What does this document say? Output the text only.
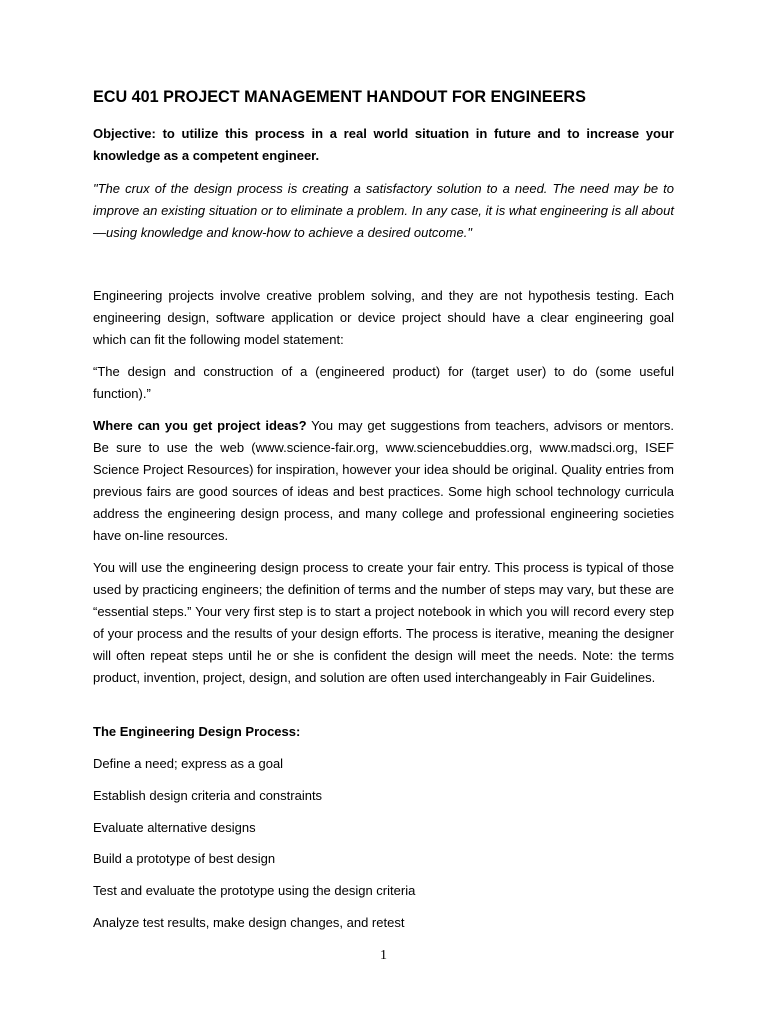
ECU 401 PROJECT MANAGEMENT HANDOUT FOR ENGINEERS

Objective: to utilize this process in a real world situation in future and to increase your knowledge as a competent engineer.

"The crux of the design process is creating a satisfactory solution to a need. The need may be to improve an existing situation or to eliminate a problem. In any case, it is what engineering is all about—using knowledge and know-how to achieve a desired outcome."

Engineering projects involve creative problem solving, and they are not hypothesis testing. Each engineering design, software application or device project should have a clear engineering goal which can fit the following model statement:

“The design and construction of a (engineered product) for (target user) to do (some useful function).”

Where can you get project ideas? You may get suggestions from teachers, advisors or mentors. Be sure to use the web (www.science-fair.org, www.sciencebuddies.org, www.madsci.org, ISEF Science Project Resources) for inspiration, however your idea should be original. Quality entries from previous fairs are good sources of ideas and best practices. Some high school technology curricula address the engineering design process, and many college and professional engineering societies have on-line resources.

You will use the engineering design process to create your fair entry. This process is typical of those used by practicing engineers; the definition of terms and the number of steps may vary, but these are “essential steps.” Your very first step is to start a project notebook in which you will record every step of your process and the results of your design efforts. The process is iterative, meaning the designer will often repeat steps until he or she is confident the design will meet the needs. Note: the terms product, invention, project, design, and solution are often used interchangeably in Fair Guidelines.

The Engineering Design Process:
Define a need; express as a goal
Establish design criteria and constraints
Evaluate alternative designs
Build a prototype of best design
Test and evaluate the prototype using the design criteria
Analyze test results, make design changes, and retest
1
